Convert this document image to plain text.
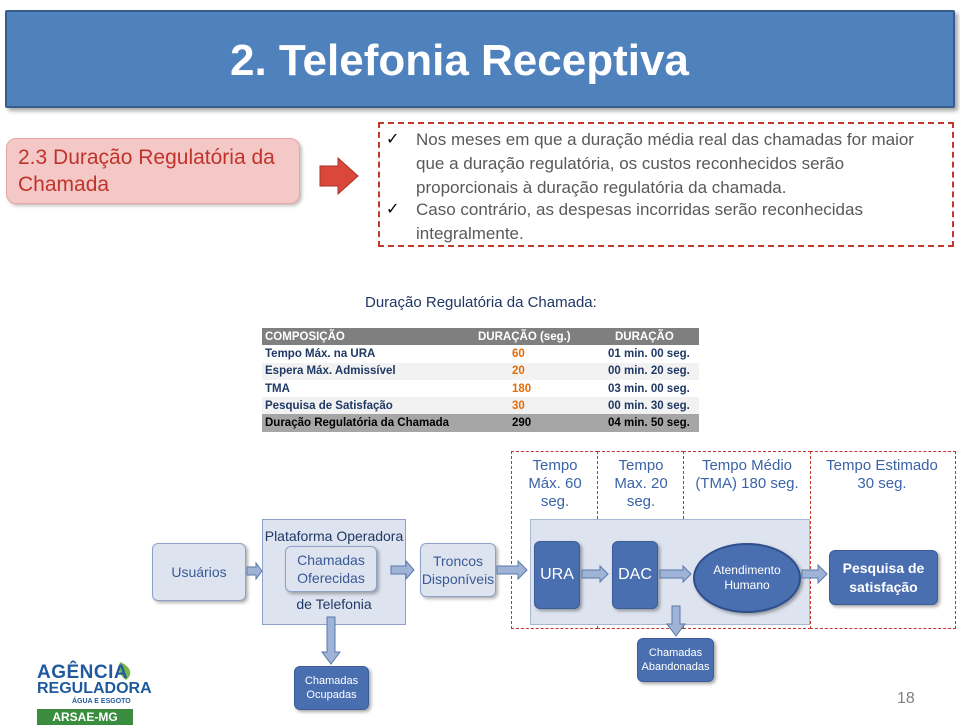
2. Telefonia Receptiva
2.3 Duração Regulatória da Chamada
✓ Nos meses em que a duração média real das chamadas for maior que a duração regulatória, os custos reconhecidos serão proporcionais à duração regulatória da chamada.
✓ Caso contrário, as despesas incorridas serão reconhecidas integralmente.
Duração Regulatória da Chamada:
COMPOSIÇÃO	DURAÇÃO (seg.)	DURAÇÃO
Tempo Máx. na URA	60	01 min. 00 seg.
Espera Máx. Admissível	20	00 min. 20 seg.
TMA	180	03 min. 00 seg.
Pesquisa de Satisfação	30	00 min. 30 seg.
Duração Regulatória da Chamada	290	04 min. 50 seg.
Tempo Máx. 60 seg.
Tempo Max. 20 seg.
Tempo Médio (TMA) 180 seg.
Tempo Estimado 30 seg.
Usuários
Plataforma Operadora
Chamadas Oferecidas
de Telefonia
Troncos Disponíveis	URA	DAC	Atendimento Humano
Pesquisa de satisfação
Chamadas Ocupadas
Chamadas Abandonadas
AGÊNCIA
REGULADORA
ÁGUA E ESGOTO
ARSAE-MG
18
